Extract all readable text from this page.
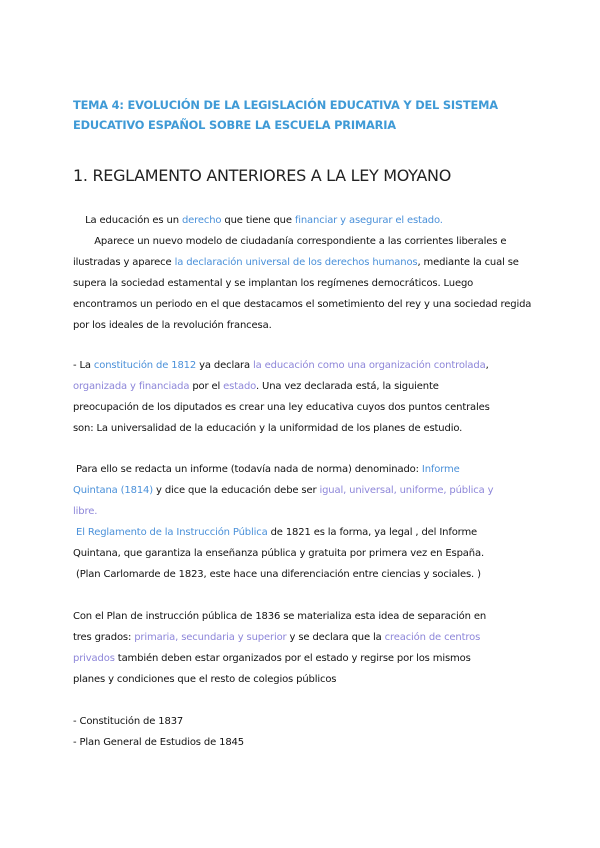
TEMA 4: EVOLUCIÓN DE LA LEGISLACIÓN EDUCATIVA Y DEL SISTEMA
EDUCATIVO ESPAÑOL SOBRE LA ESCUELA PRIMARIA
1. REGLAMENTO ANTERIORES A LA LEY MOYANO
La educación es un derecho que tiene que financiar y asegurar el estado.
Aparece un nuevo modelo de ciudadanía correspondiente a las corrientes liberales e
ilustradas y aparece la declaración universal de los derechos humanos, mediante la cual se
supera la sociedad estamental y se implantan los regímenes democráticos. Luego
encontramos un periodo en el que destacamos el sometimiento del rey y una sociedad regida
por los ideales de la revolución francesa.
- La constitución de 1812 ya declara la educación como una organización controlada,
organizada y financiada por el estado. Una vez declarada está, la siguiente
preocupación de los diputados es crear una ley educativa cuyos dos puntos centrales
son: La universalidad de la educación y la uniformidad de los planes de estudio.
Para ello se redacta un informe (todavía nada de norma) denominado: Informe
Quintana (1814) y dice que la educación debe ser igual, universal, uniforme, pública y
libre.
El Reglamento de la Instrucción Pública de 1821 es la forma, ya legal , del Informe
Quintana, que garantiza la enseñanza pública y gratuita por primera vez en España.
(Plan Carlomarde de 1823, este hace una diferenciación entre ciencias y sociales. )
Con el Plan de instrucción pública de 1836 se materializa esta idea de separación en
tres grados: primaria, secundaria y superior y se declara que la creación de centros
privados también deben estar organizados por el estado y regirse por los mismos
planes y condiciones que el resto de colegios públicos
- Constitución de 1837
- Plan General de Estudios de 1845
